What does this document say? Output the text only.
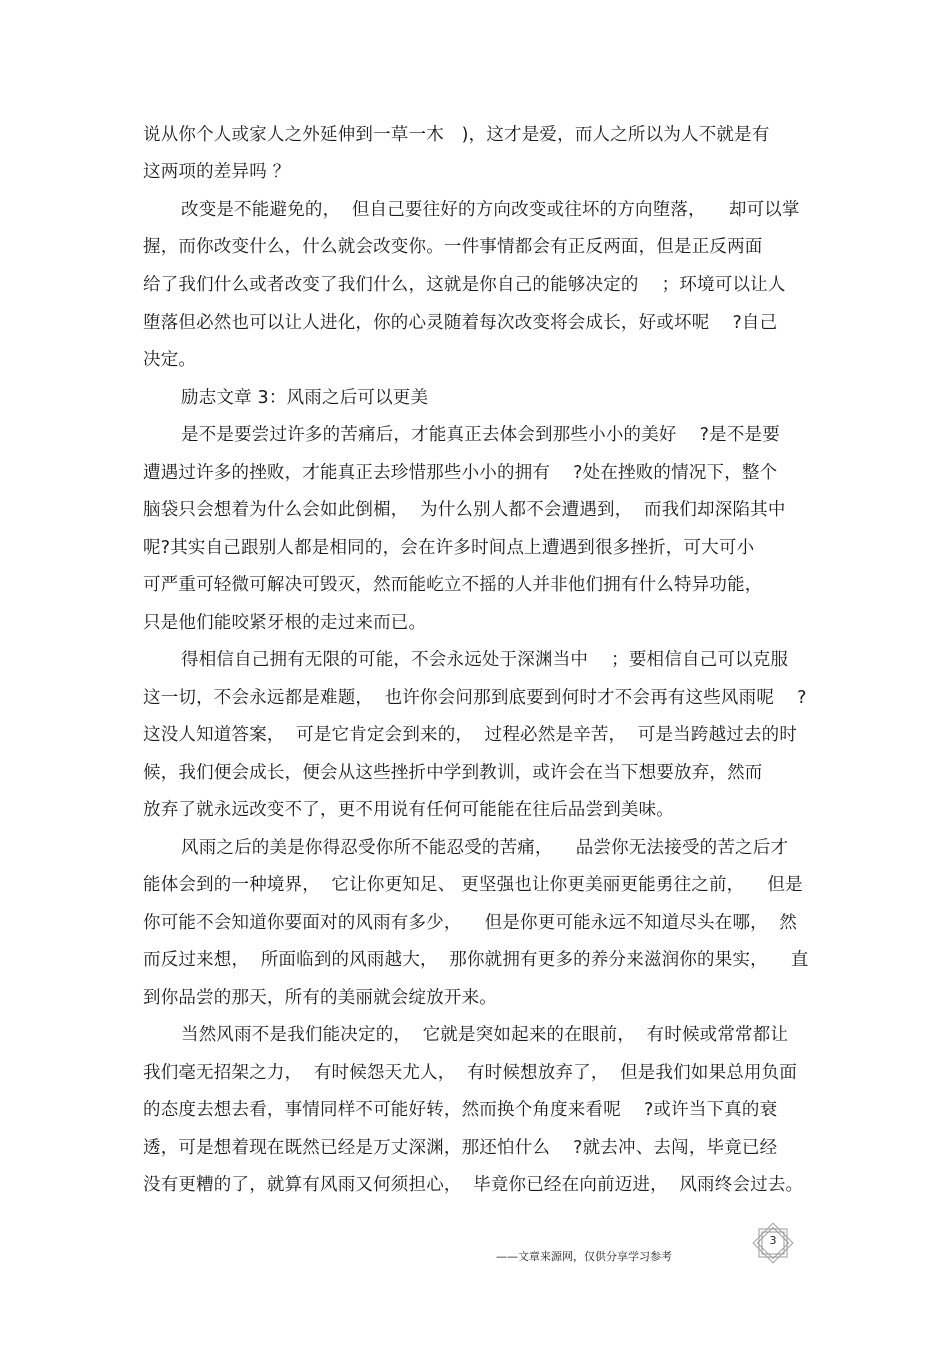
说从你个人或家人之外延伸到一草一木　)，这才是爱，而人之所以为人不就是有
这两项的差异吗 ？
改变是不能避免的，  但自己要往好的方向改变或往坏的方向堕落，    却可以掌
握，而你改变什么，什么就会改变你。一件事情都会有正反两面，但是正反两面
给了我们什么或者改变了我们什么，这就是你自己的能够决定的    ；环境可以让人
堕落但必然也可以让人进化，你的心灵随着每次改变将会成长，好或坏呢    ?自己
决定。
励志文章 3：风雨之后可以更美
是不是要尝过许多的苦痛后，才能真正去体会到那些小小的美好    ?是不是要
遭遇过许多的挫败，才能真正去珍惜那些小小的拥有    ?处在挫败的情况下，整个
脑袋只会想着为什么会如此倒楣，  为什么别人都不会遭遇到，  而我们却深陷其中
呢?其实自己跟别人都是相同的，会在许多时间点上遭遇到很多挫折，可大可小
可严重可轻微可解决可毁灭，然而能屹立不摇的人并非他们拥有什么特异功能，
只是他们能咬紧牙根的走过来而已。
得相信自己拥有无限的可能，不会永远处于深渊当中    ；要相信自己可以克服
这一切，不会永远都是难题，  也许你会问那到底要到何时才不会再有这些风雨呢    ?
这没人知道答案，  可是它肯定会到来的，  过程必然是辛苦，  可是当跨越过去的时
候，我们便会成长，便会从这些挫折中学到教训，或许会在当下想要放弃，然而
放弃了就永远改变不了，更不用说有任何可能能在往后品尝到美味。
风雨之后的美是你得忍受你所不能忍受的苦痛，    品尝你无法接受的苦之后才
能体会到的一种境界，  它让你更知足、 更坚强也让你更美丽更能勇往之前，    但是
你可能不会知道你要面对的风雨有多少，    但是你更可能永远不知道尽头在哪，  然
而反过来想，  所面临到的风雨越大，  那你就拥有更多的养分来滋润你的果实，    直
到你品尝的那天，所有的美丽就会绽放开来。
当然风雨不是我们能决定的，  它就是突如起来的在眼前，  有时候或常常都让
我们毫无招架之力，  有时候怨天尤人，  有时候想放弃了，  但是我们如果总用负面
的态度去想去看，事情同样不可能好转，然而换个角度来看呢    ?或许当下真的衰
透，可是想着现在既然已经是万丈深渊，那还怕什么    ?就去冲、去闯，毕竟已经
没有更糟的了，就算有风雨又何须担心，  毕竟你已经在向前迈进，  风雨终会过去。
——文章来源网，仅供分享学习参考
3
